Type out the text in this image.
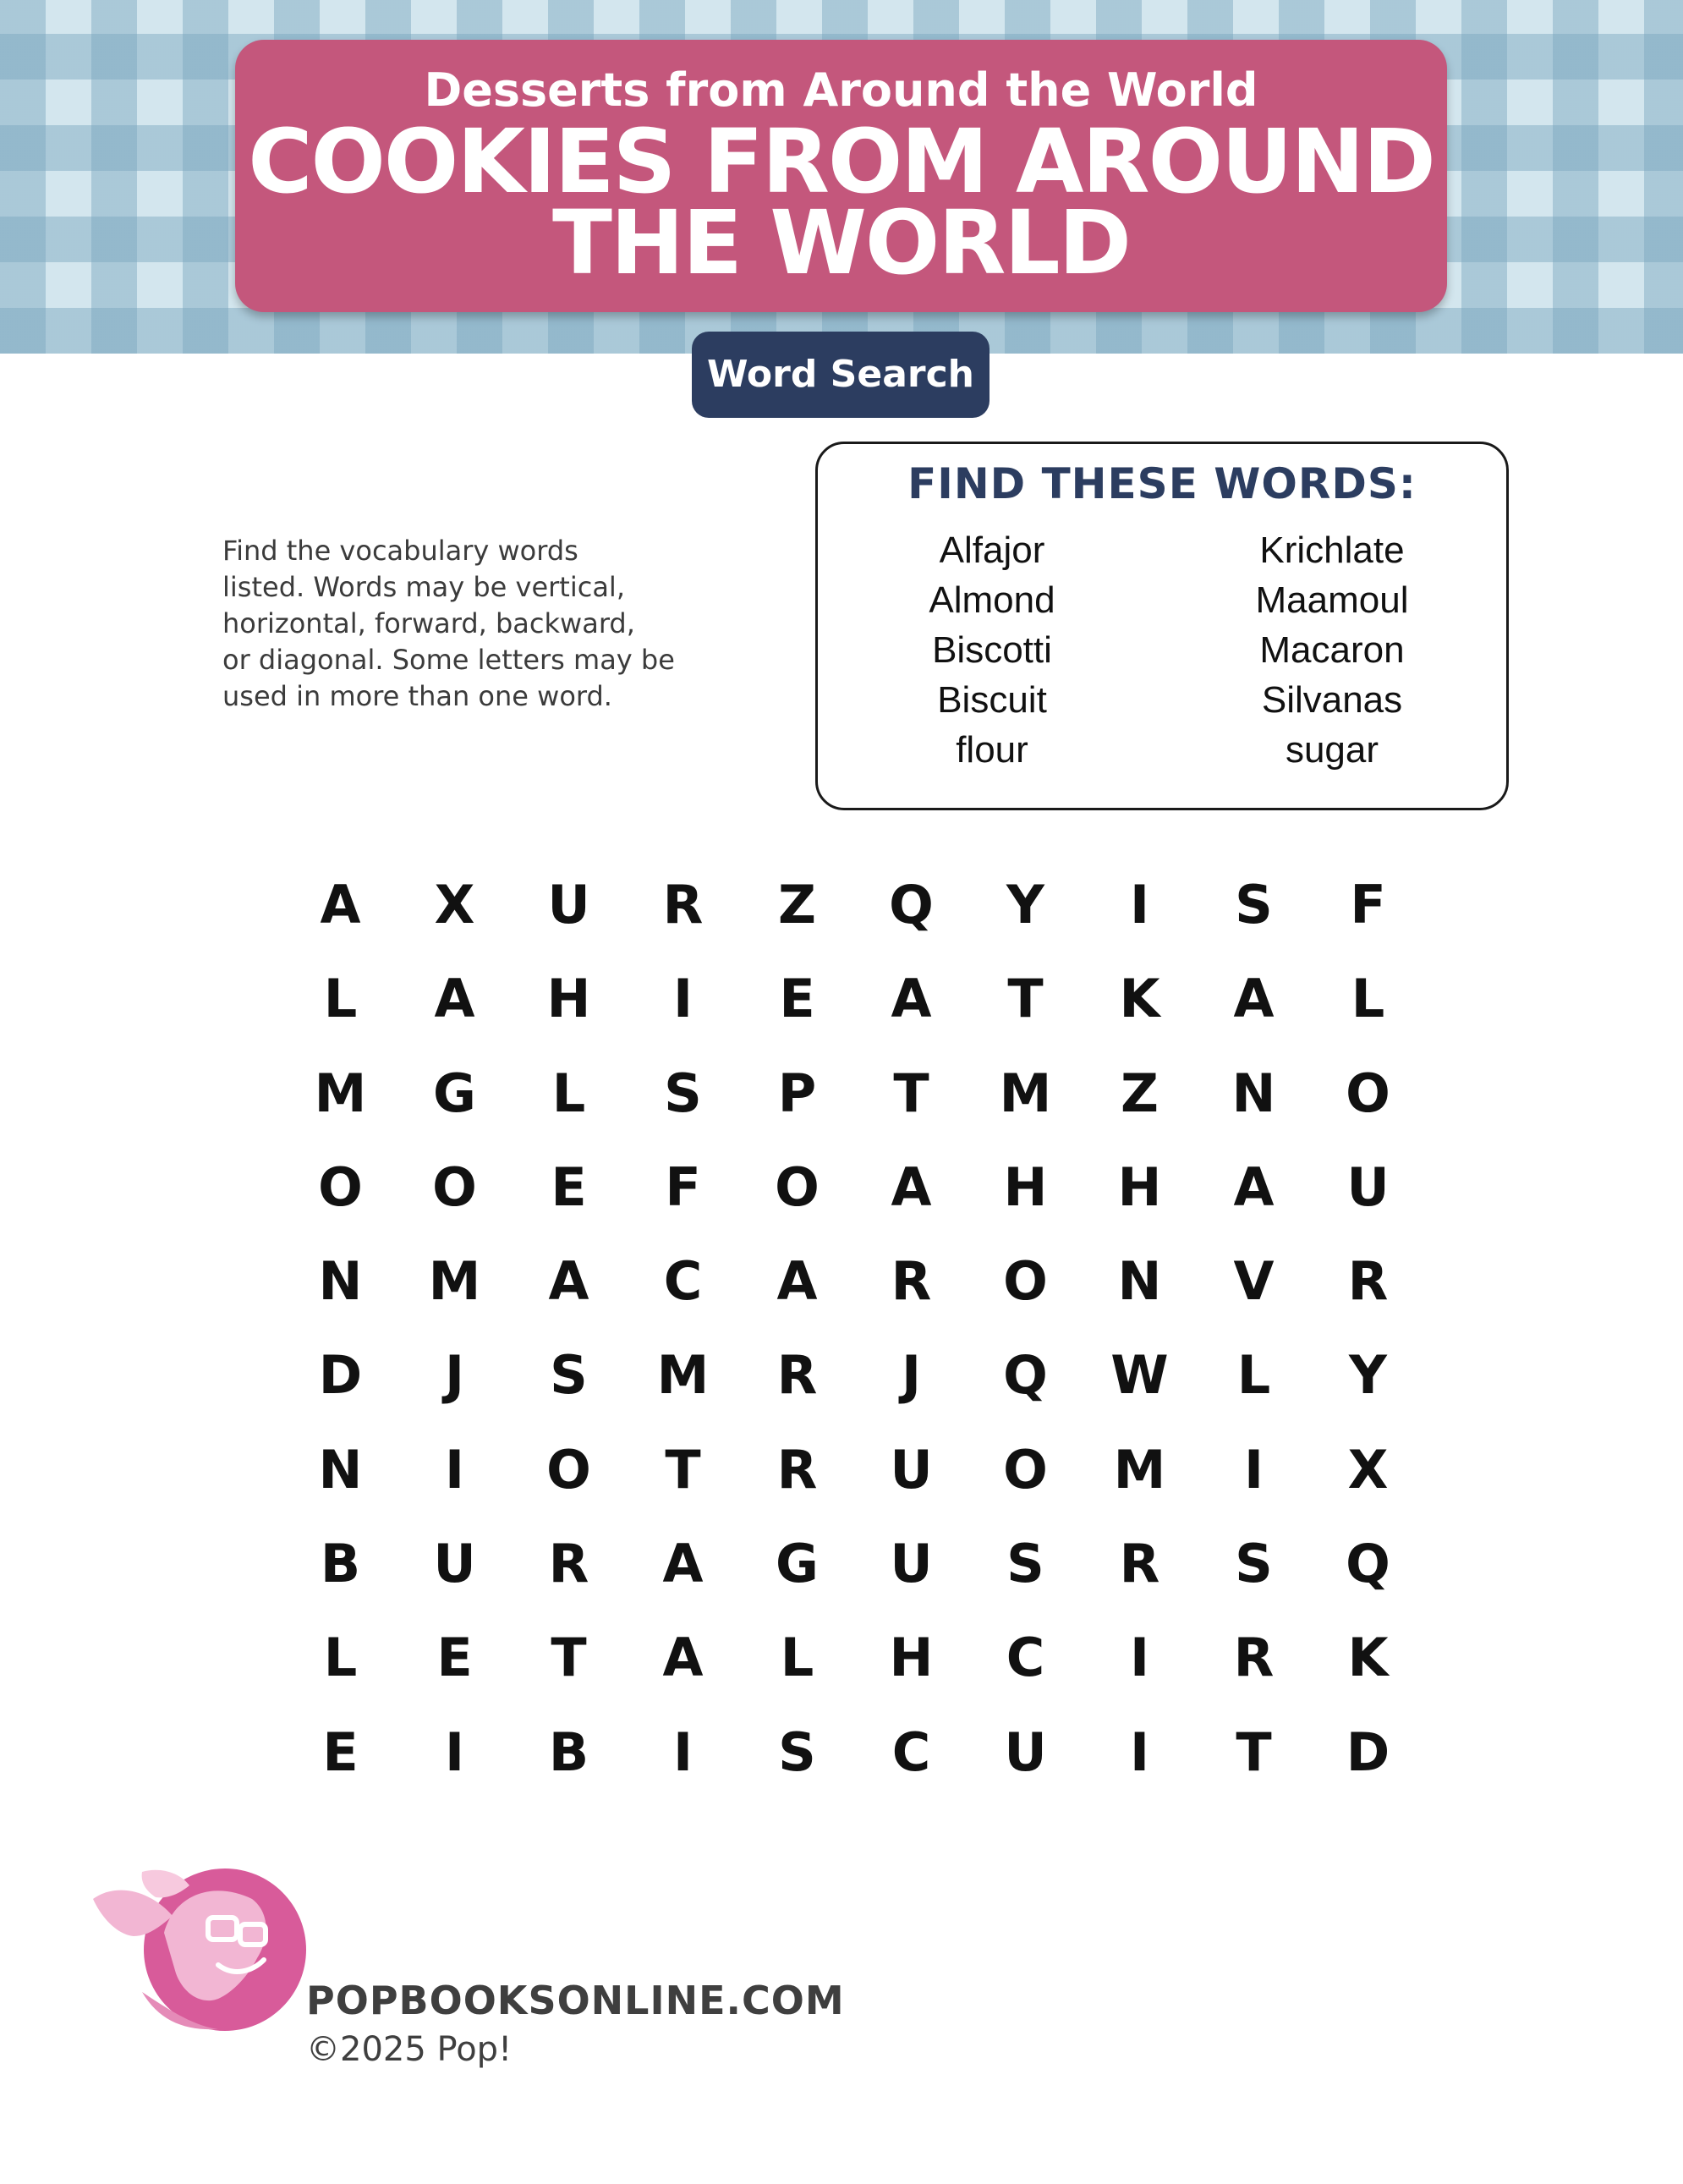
Desserts from Around the World
COOKIES FROM AROUND
THE WORLD
Word Search
Find the vocabulary words
listed. Words may be vertical,
horizontal, forward, backward,
or diagonal. Some letters may be
used in more than one word.
FIND THESE WORDS:
Alfajor
Almond
Biscotti
Biscuit
flour
Krichlate
Maamoul
Macaron
Silvanas
sugar
A	X	U	R	Z	Q	Y	I	S	F
L	A	H	I	E	A	T	K	A	L
M	G	L	S	P	T	M	Z	N	O
O	O	E	F	O	A	H	H	A	U
N	M	A	C	A	R	O	N	V	R
D	J	S	M	R	J	Q	W	L	Y
N	I	O	T	R	U	O	M	I	X
B	U	R	A	G	U	S	R	S	Q
L	E	T	A	L	H	C	I	R	K
E	I	B	I	S	C	U	I	T	D
POPBOOKSONLINE.COM
©2025 Pop!
